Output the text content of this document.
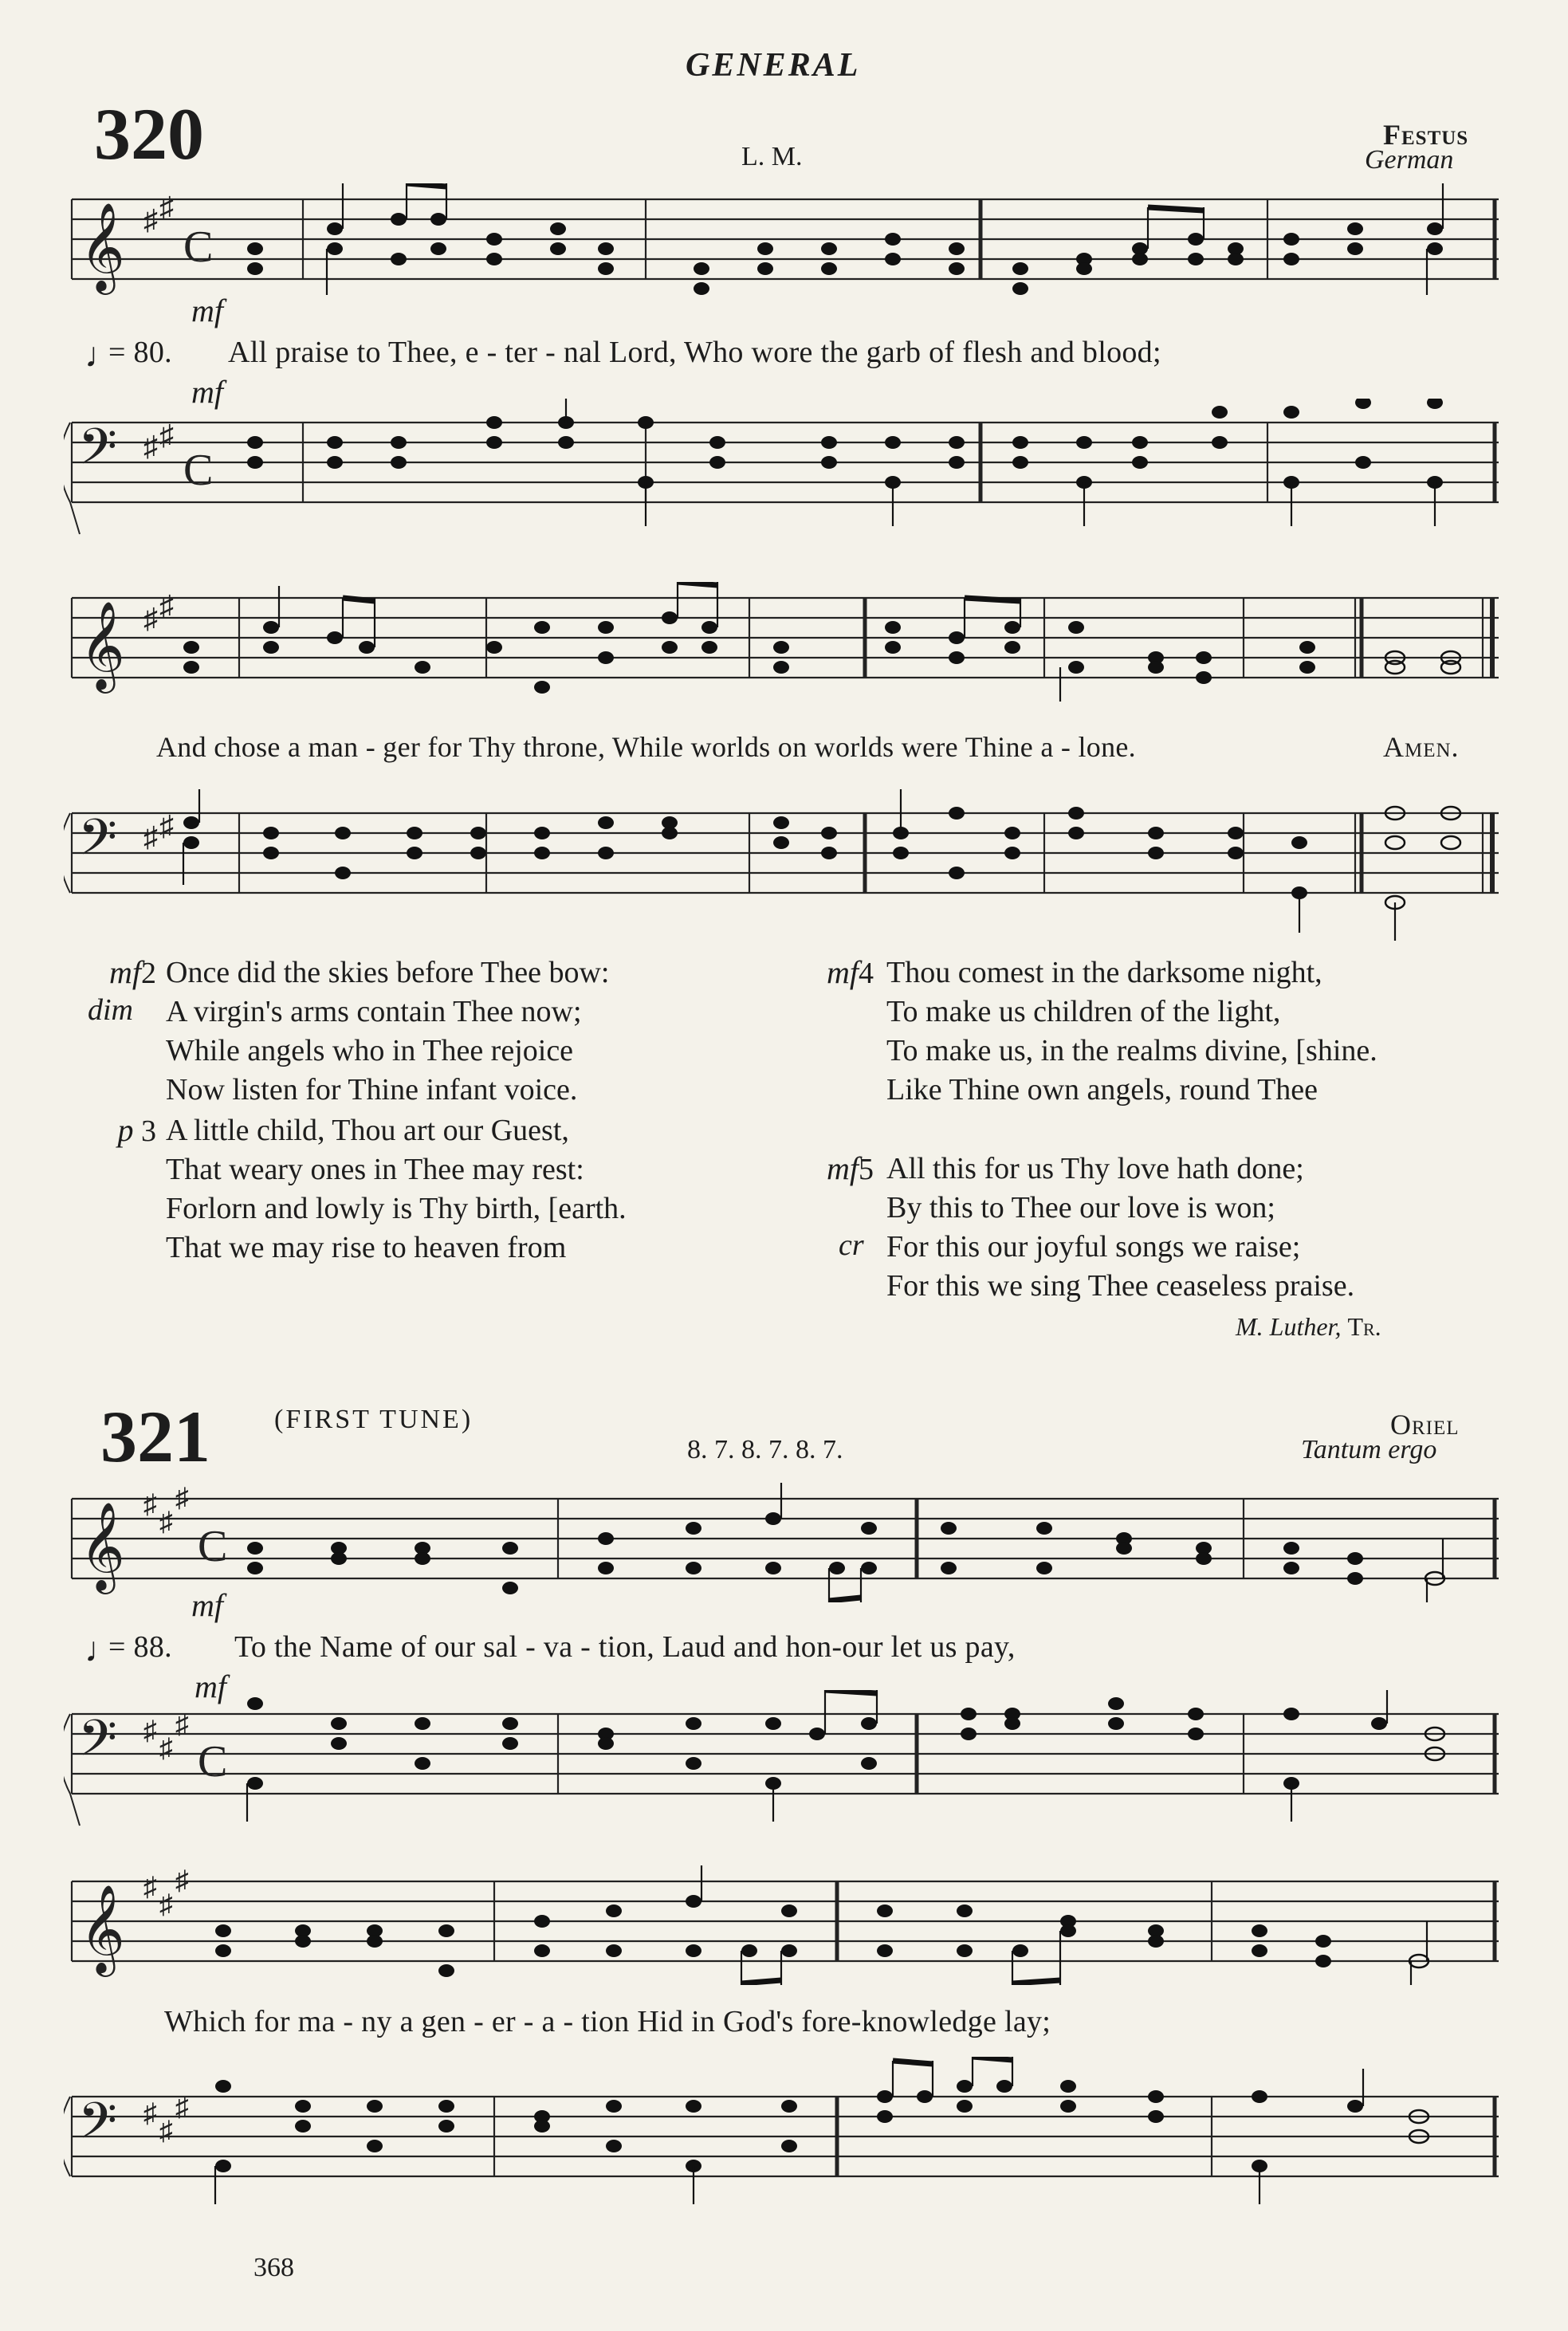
GENERAL
320	L. M.
Festus
German
𝄞 ♯ ♯
C
mf
♩
= 80. All praise to Thee, e - ter - nal Lord, Who wore the garb of flesh and blood;
mf
𝄢 ♯ ♯
C
𝄞 ♯ ♯
And chose a man - ger for Thy throne, While worlds on worlds were Thine a - lone.	Amen.
𝄢 ♯ ♯
mf2
dim
Once did the skies before Thee bow:
A virgin's arms contain Thee now;
While angels who in Thee rejoice
Now listen for Thine infant voice.
p 3 A little child, Thou art our Guest,
That weary ones in Thee may rest:
Forlorn and lowly is Thy birth, [earth.
That we may rise to heaven from
mf4 Thou comest in the darksome night,
To make us children of the light,
To make us, in the realms divine, [shine.
Like Thine own angels, round Thee
mf5
cr
All this for us Thy love hath done;
By this to Thee our love is won;
For this our joyful songs we raise;
For this we sing Thee ceaseless praise.
M. Luther, Tr.
321 (FIRST TUNE)
8. 7. 8. 7. 8. 7.
Oriel
Tantum ergo
𝄞 ♯
♯
♯
C
mf
♩
= 88. To the Name of our sal - va - tion, Laud and hon-our let us pay,
mf
𝄢 ♯
♯
♯
C
𝄞 ♯
♯
♯
Which for ma - ny a gen - er - a - tion Hid in God's fore-knowledge lay;
𝄢 ♯
♯
♯
368
